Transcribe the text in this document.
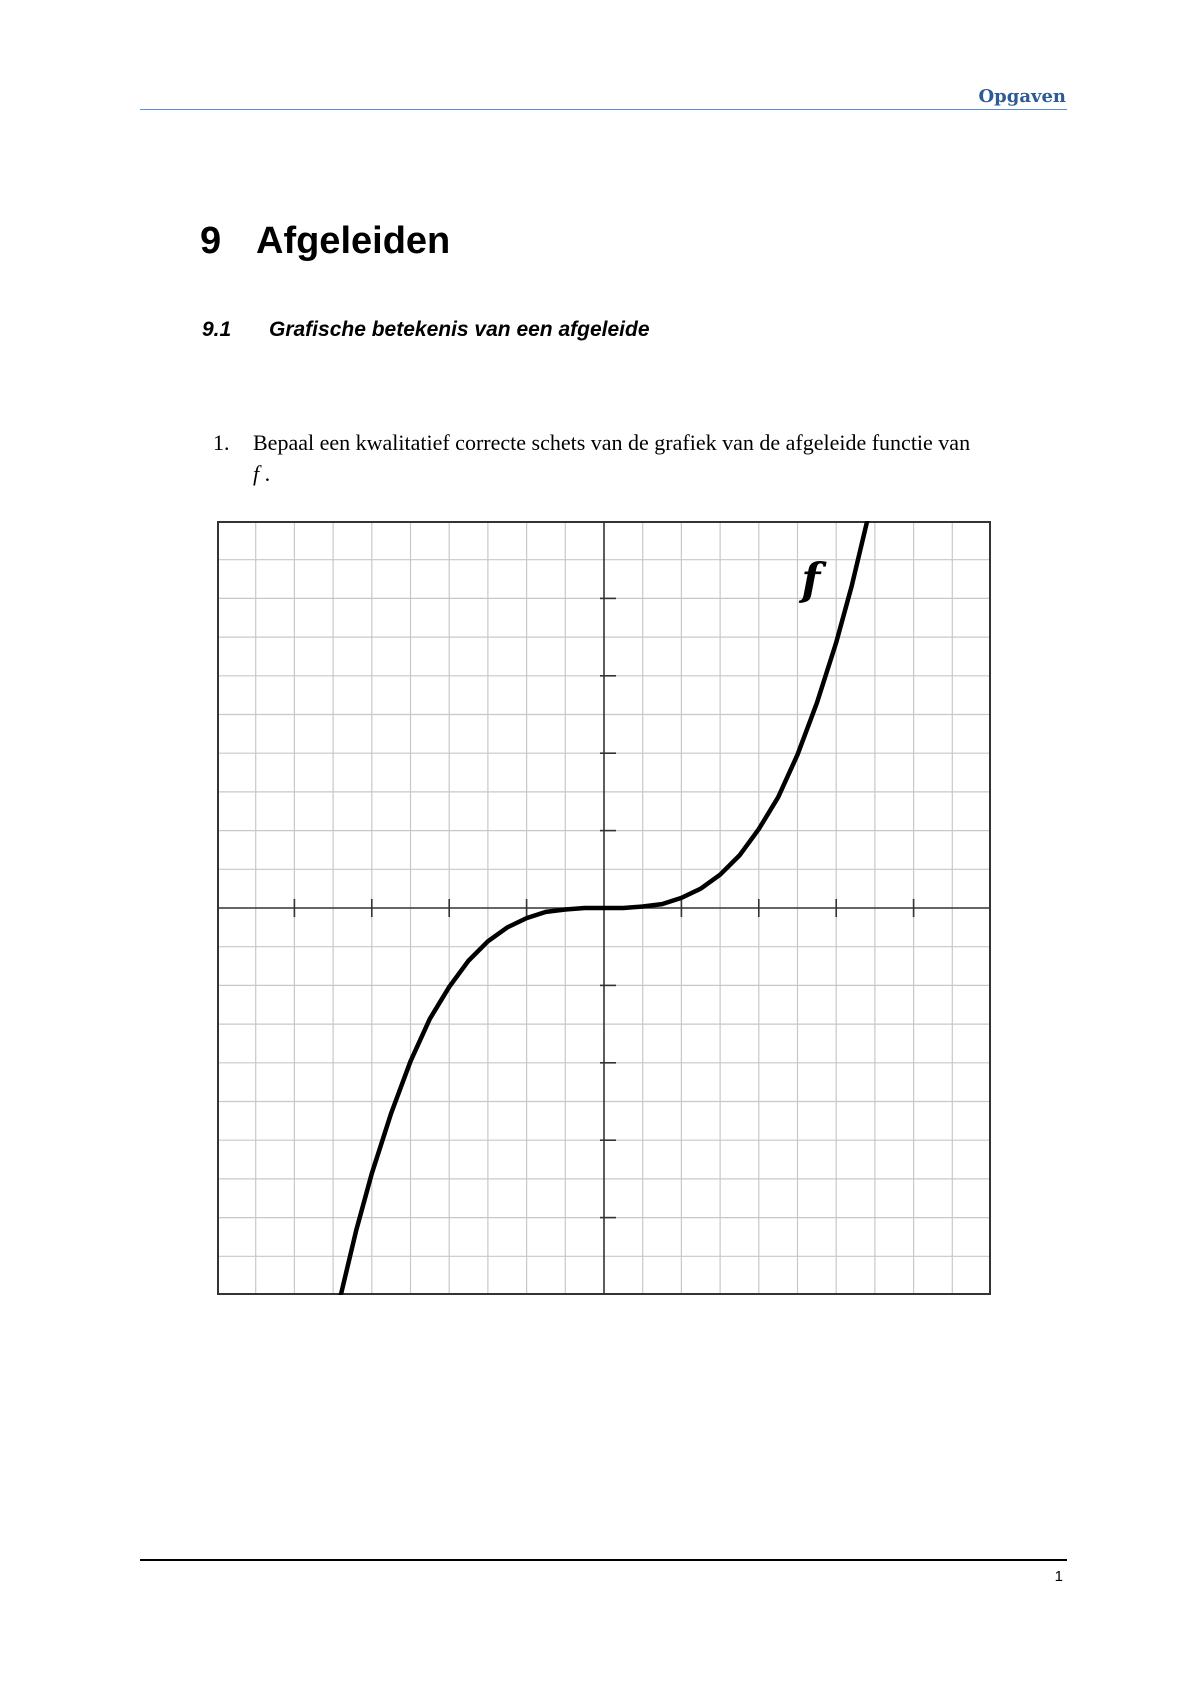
Opgaven
9 Afgeleiden
9.1 Grafische betekenis van een afgeleide
1. Bepaal een kwalitatief correcte schets van de grafiek van de afgeleide functie van
f .
f
1
